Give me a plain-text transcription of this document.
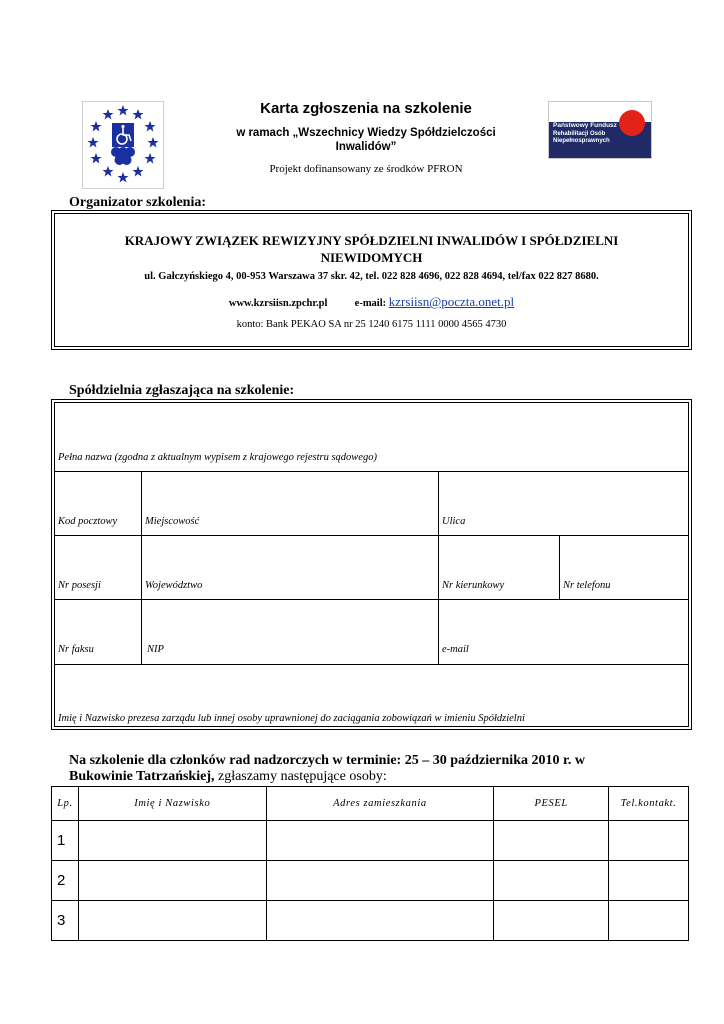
Karta zgłoszenia na szkolenie
w ramach „Wszechnicy Wiedzy Spółdzielczości
Inwalidów”
Projekt dofinansowany ze środków PFRON
Państwowy Fundusz
Rehabilitacji Osób
Niepełnosprawnych
Organizator szkolenia:
KRAJOWY ZWIĄZEK REWIZYJNY SPÓŁDZIELNI INWALIDÓW I SPÓŁDZIELNI
NIEWIDOMYCH
ul. Gałczyńskiego 4, 00-953 Warszawa 37 skr. 42, tel. 022 828 4696, 022 828 4694, tel/fax 022 827 8680.
www.kzrsiisn.zpchr.pl	e-mail: kzrsiisn@poczta.onet.pl
konto: Bank PEKAO SA nr 25 1240 6175 1111 0000 4565 4730
Spółdzielnia zgłaszająca na szkolenie:
Pełna nazwa (zgodna z aktualnym wypisem z krajowego rejestru sądowego)
Kod pocztowy	Miejscowość	Ulica
Nr posesji	Województwo	Nr kierunkowy	Nr telefonu
Nr faksu	NIP	e-mail
Imię i Nazwisko prezesa zarządu lub innej osoby uprawnionej do zaciągania zobowiązań w imieniu Spółdzielni
Na szkolenie dla członków rad nadzorczych w terminie: 25 – 30 października 2010 r. w
Bukowinie Tatrzańskiej, zgłaszamy następujące osoby:
Lp.	Imię i Nazwisko	Adres zamieszkania	PESEL	Tel.kontakt.
1				
2				
3				
